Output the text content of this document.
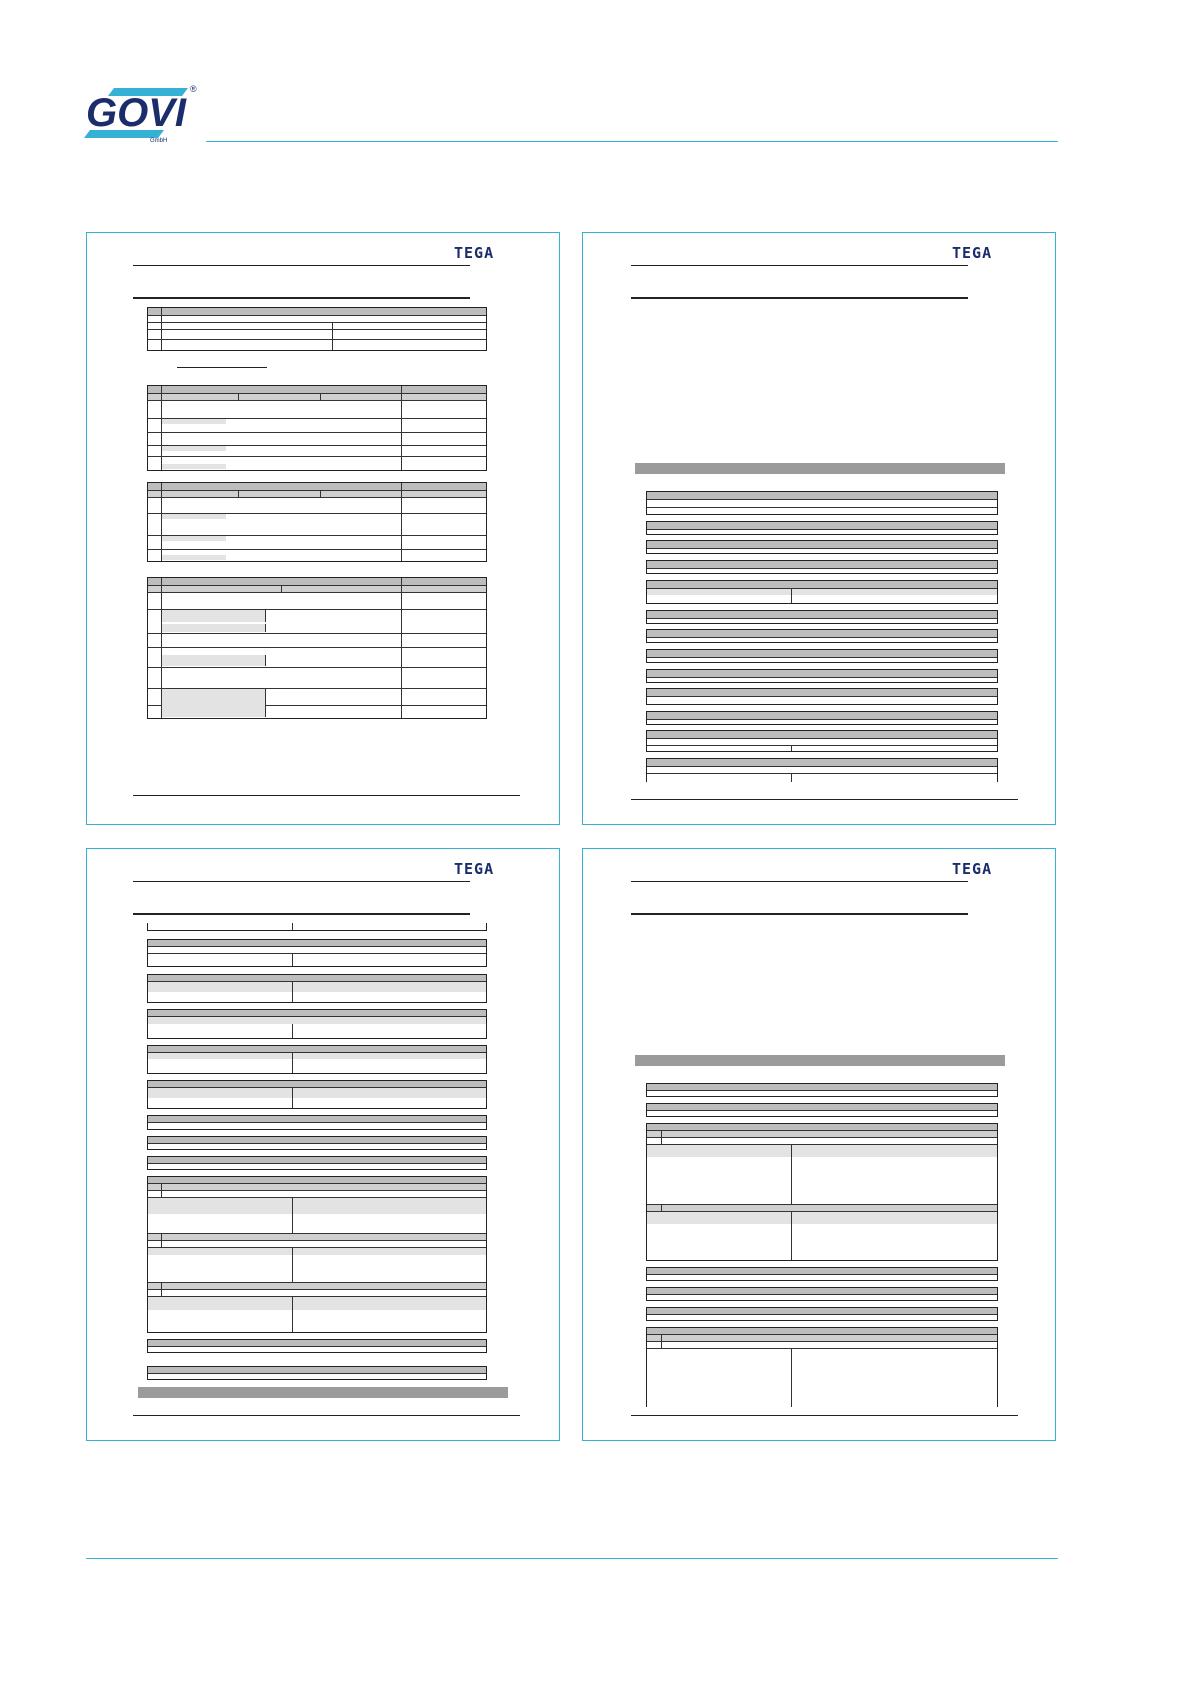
GOVI
GmbH
®
TEGA	TEGA
TEGA	TEGA
